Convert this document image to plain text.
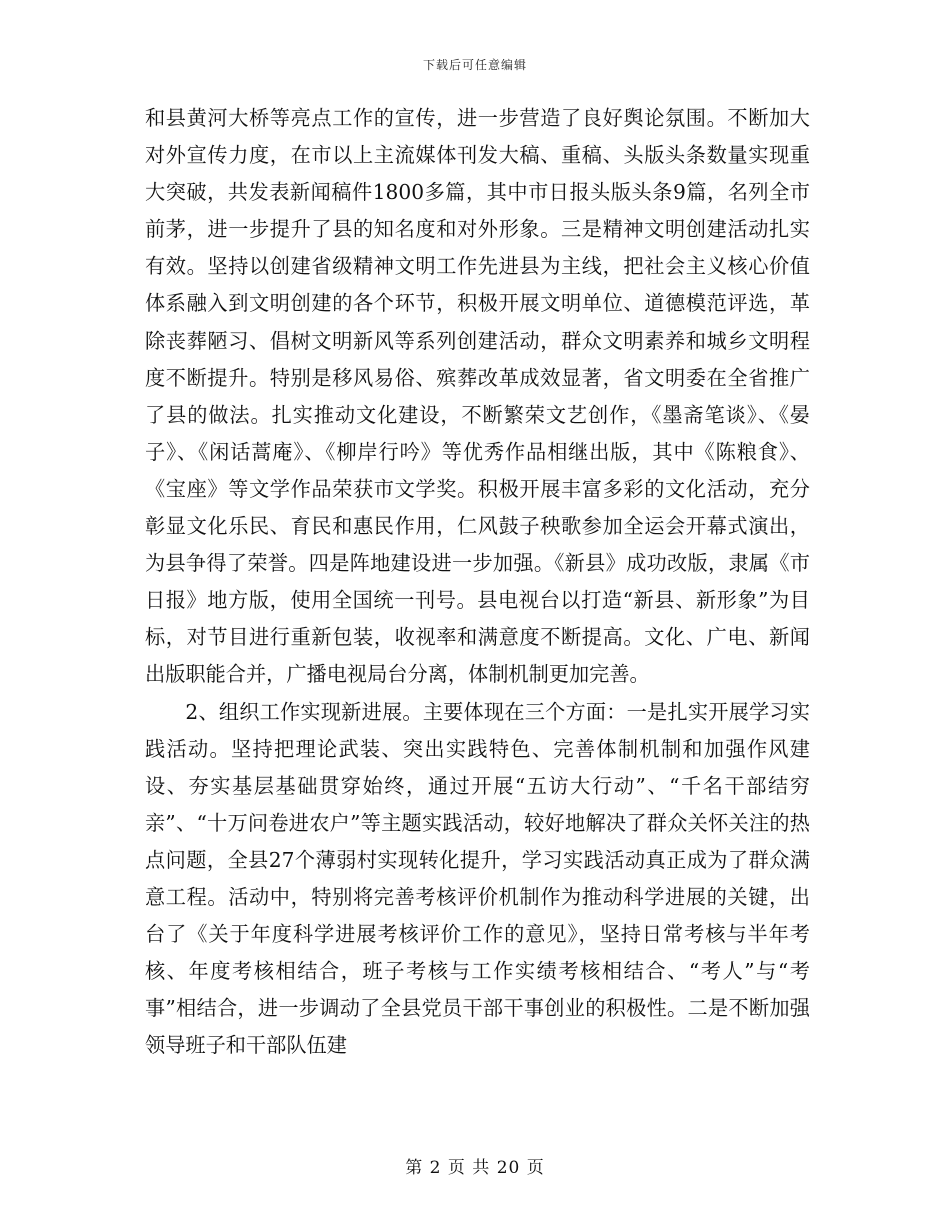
下载后可任意编辑

和县黄河大桥等亮点工作的宣传，进一步营造了良好舆论氛围。不断加大对外宣传力度，在市以上主流媒体刊发大稿、重稿、头版头条数量实现重大突破，共发表新闻稿件1800多篇，其中市日报头版头条9篇，名列全市前茅，进一步提升了县的知名度和对外形象。三是精神文明创建活动扎实有效。坚持以创建省级精神文明工作先进县为主线，把社会主义核心价值体系融入到文明创建的各个环节，积极开展文明单位、道德模范评选，革除丧葬陋习、倡树文明新风等系列创建活动，群众文明素养和城乡文明程度不断提升。特别是移风易俗、殡葬改革成效显著，省文明委在全省推广了县的做法。扎实推动文化建设，不断繁荣文艺创作，《墨斋笔谈》、《晏子》、《闲话蒿庵》、《柳岸行吟》等优秀作品相继出版，其中《陈粮食》、《宝座》等文学作品荣获市文学奖。积极开展丰富多彩的文化活动，充分彰显文化乐民、育民和惠民作用，仁风鼓子秧歌参加全运会开幕式演出，为县争得了荣誉。四是阵地建设进一步加强。《新县》成功改版，隶属《市日报》地方版，使用全国统一刊号。县电视台以打造“新县、新形象”为目标，对节目进行重新包装，收视率和满意度不断提高。文化、广电、新闻出版职能合并，广播电视局台分离，体制机制更加完善。

2、组织工作实现新进展。主要体现在三个方面：一是扎实开展学习实践活动。坚持把理论武装、突出实践特色、完善体制机制和加强作风建设、夯实基层基础贯穿始终，通过开展“五访大行动”、“千名干部结穷亲”、“十万问卷进农户”等主题实践活动，较好地解决了群众关怀关注的热点问题，全县27个薄弱村实现转化提升，学习实践活动真正成为了群众满意工程。活动中，特别将完善考核评价机制作为推动科学进展的关键，出台了《关于年度科学进展考核评价工作的意见》，坚持日常考核与半年考核、年度考核相结合，班子考核与工作实绩考核相结合、“考人”与“考事”相结合，进一步调动了全县党员干部干事创业的积极性。二是不断加强领导班子和干部队伍建

第 2 页 共 20 页
